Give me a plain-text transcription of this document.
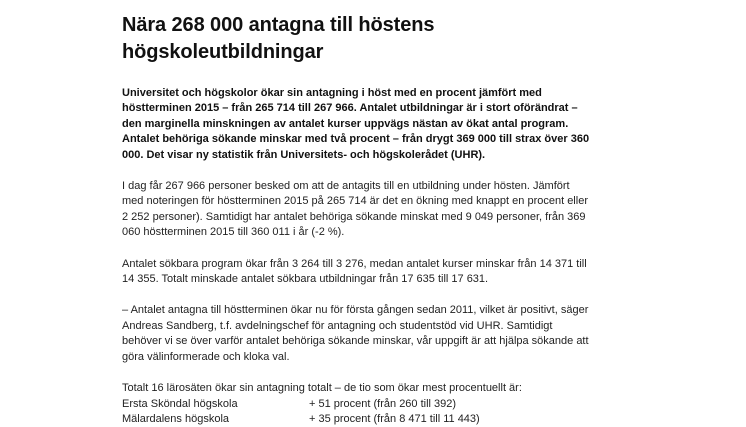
Nära 268 000 antagna till höstens högskoleutbildningar

Universitet och högskolor ökar sin antagning i höst med en procent jämfört med höstterminen 2015 – från 265 714 till 267 966. Antalet utbildningar är i stort oförändrat – den marginella minskningen av antalet kurser uppvägs nästan av ökat antal program. Antalet behöriga sökande minskar med två procent – från drygt 369 000 till strax över 360 000. Det visar ny statistik från Universitets- och högskolerådet (UHR).

I dag får 267 966 personer besked om att de antagits till en utbildning under hösten. Jämfört med noteringen för höstterminen 2015 på 265 714 är det en ökning med knappt en procent eller 2 252 personer). Samtidigt har antalet behöriga sökande minskat med 9 049 personer, från 369 060 höstterminen 2015 till 360 011 i år (-2 %).

Antalet sökbara program ökar från 3 264 till 3 276, medan antalet kurser minskar från 14 371 till 14 355. Totalt minskade antalet sökbara utbildningar från 17 635 till 17 631.

– Antalet antagna till höstterminen ökar nu för första gången sedan 2011, vilket är positivt, säger Andreas Sandberg, t.f. avdelningschef för antagning och studentstöd vid UHR. Samtidigt behöver vi se över varför antalet behöriga sökande minskar, vår uppgift är att hjälpa sökande att göra välinformerade och kloka val.

Totalt 16 lärosäten ökar sin antagning totalt – de tio som ökar mest procentuellt är:

Ersta Sköndal högskola	+ 51 procent (från 260 till 392)
Mälardalens högskola	+ 35 procent (från 8 471 till 11 443)
